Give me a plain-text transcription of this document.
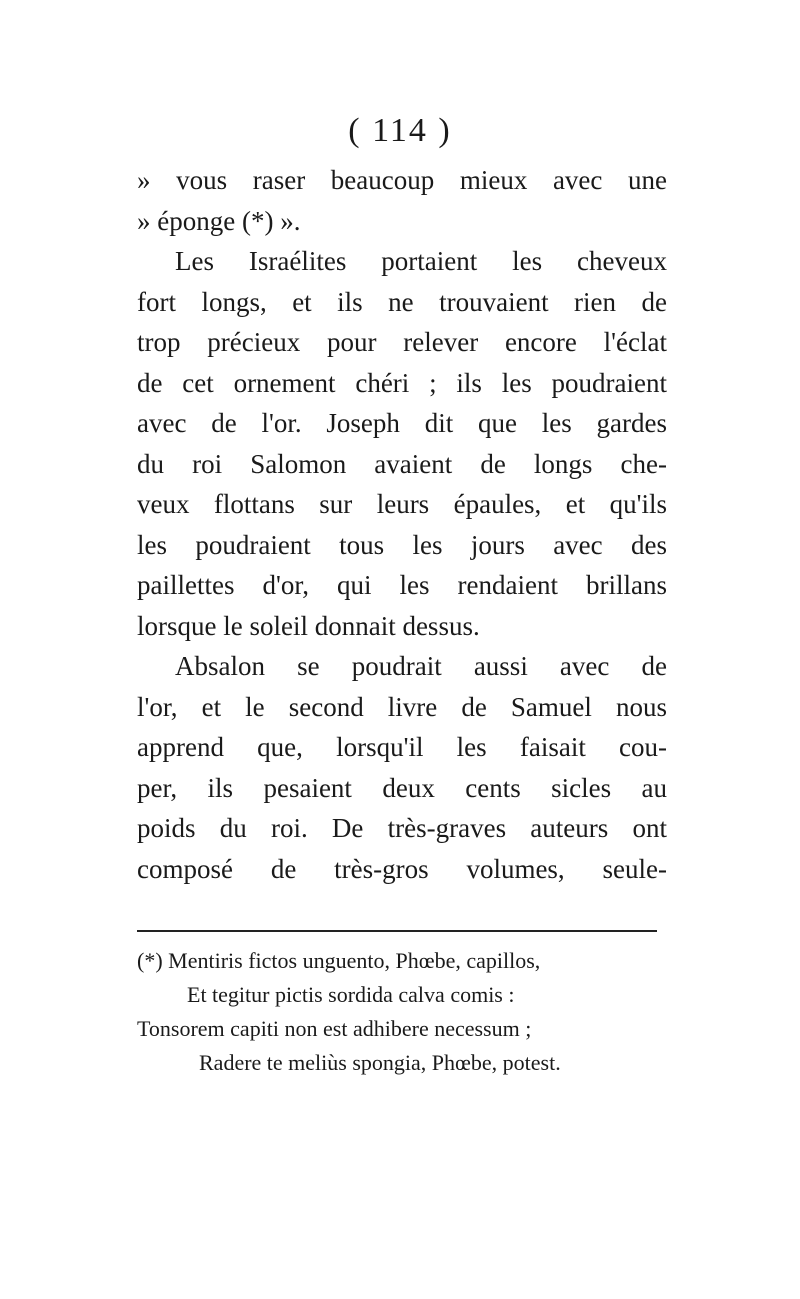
( 114 )
» vous raser beaucoup mieux avec une
» éponge (*) ».
Les Israélites portaient les cheveux
fort longs, et ils ne trouvaient rien de
trop précieux pour relever encore l'éclat
de cet ornement chéri ; ils les poudraient
avec de l'or. Joseph dit que les gardes
du roi Salomon avaient de longs che-
veux flottans sur leurs épaules, et qu'ils
les poudraient tous les jours avec des
paillettes d'or, qui les rendaient brillans
lorsque le soleil donnait dessus.
Absalon se poudrait aussi avec de
l'or, et le second livre de Samuel nous
apprend que, lorsqu'il les faisait cou-
per, ils pesaient deux cents sicles au
poids du roi. De très-graves auteurs ont
composé de très-gros volumes, seule-
(*) Mentiris fictos unguento, Phœbe, capillos,
Et tegitur pictis sordida calva comis :
Tonsorem capiti non est adhibere necessum ;
Radere te meliùs spongia, Phœbe, potest.
